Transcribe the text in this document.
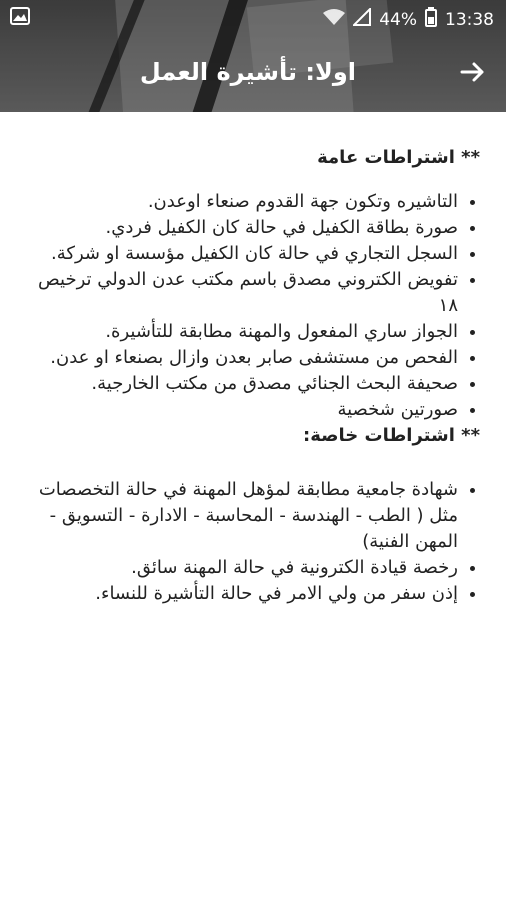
44% 13:38
اولا: تأشيرة العمل
** اشتراطات عامة
• التاشيره وتكون جهة القدوم صنعاء اوعدن.
• صورة بطاقة الكفيل في حالة كان الكفيل فردي.
• السجل التجاري في حالة كان الكفيل مؤسسة او شركة.
• تفويض الكتروني مصدق باسم مكتب عدن الدولي ترخيص ١٨
• الجواز ساري المفعول والمهنة مطابقة للتأشيرة.
• الفحص من مستشفى صابر بعدن وازال بصنعاء او عدن.
• صحيفة البحث الجنائي مصدق من مكتب الخارجية.
• صورتين شخصية
** اشتراطات خاصة:
• شهادة جامعية مطابقة لمؤهل المهنة في حالة التخصصات مثل ( الطب - الهندسة - المحاسبة - الادارة - التسويق - المهن الفنية)
• رخصة قيادة الكترونية في حالة المهنة سائق.
• إذن سفر من ولي الامر في حالة التأشيرة للنساء.
